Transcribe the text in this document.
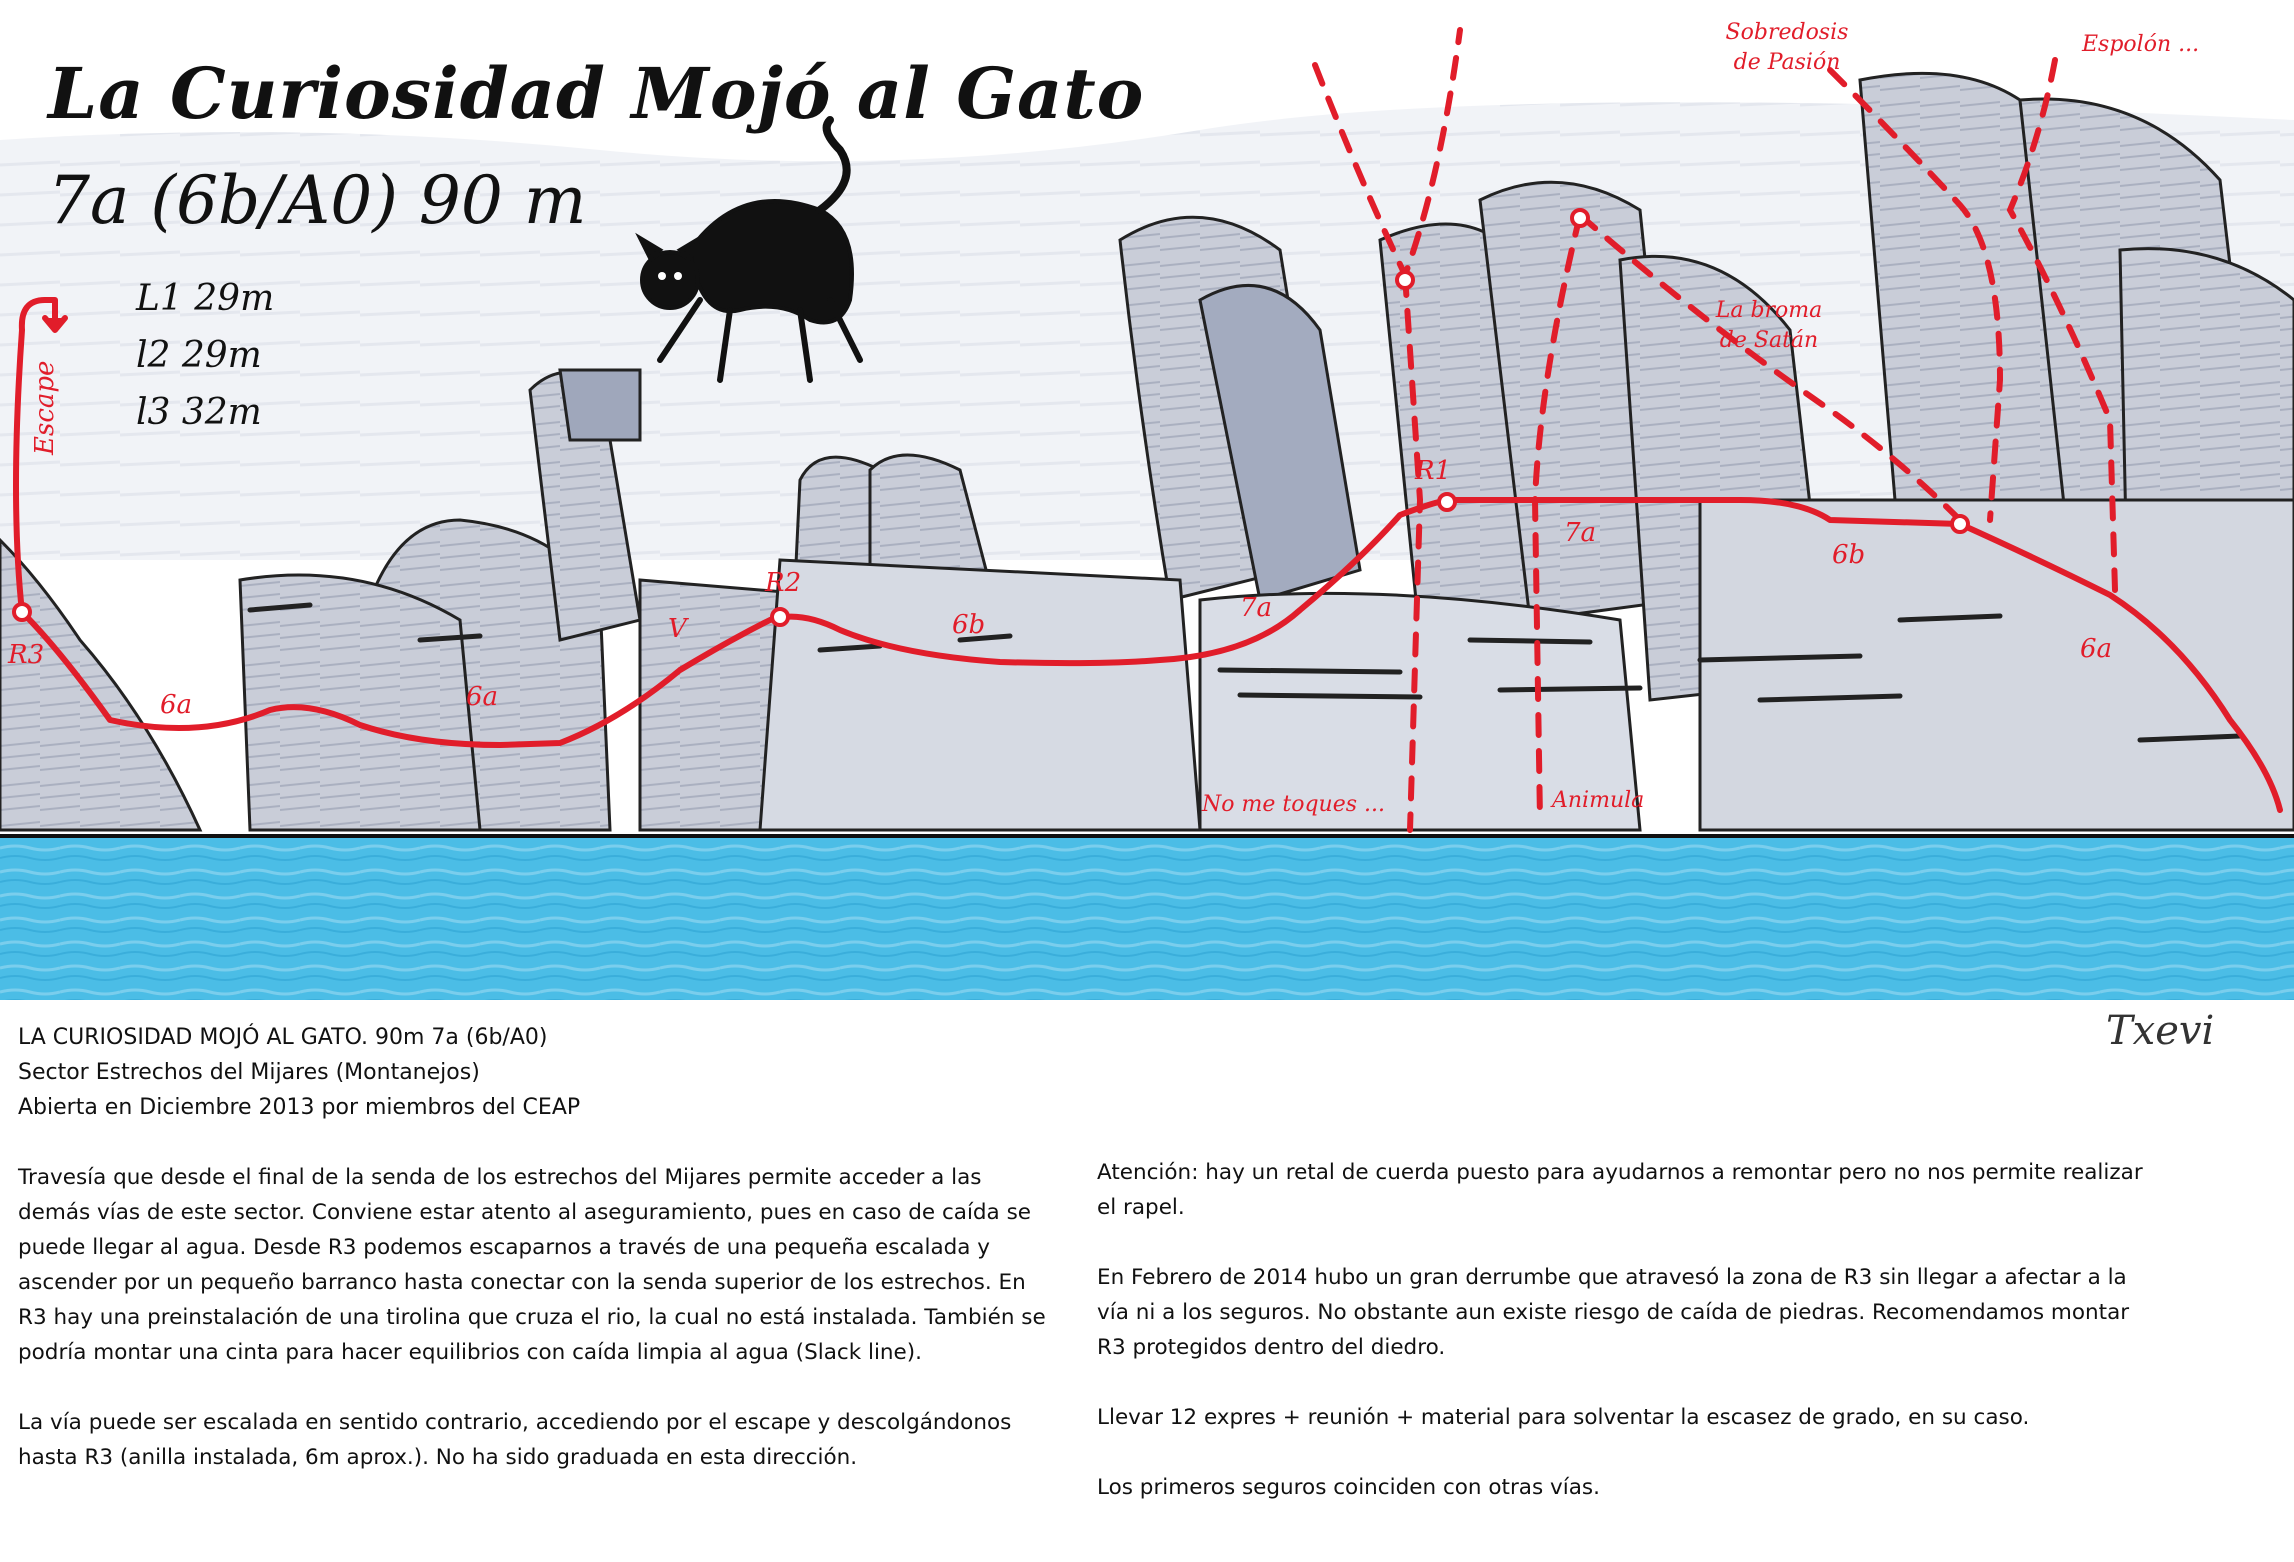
La Curiosidad Mojó al Gato
7a (6b/A0) 90 m
L1 29m
l2 29m
l3 32m
Escape
R3
R2
R1
6a	6a
V	6b
7a
7a
6b
6a
Sobredosis de Pasión
Espolón ...
La broma de Satán
No me toques ...	Animula
Txevi
LA CURIOSIDAD MOJÓ AL GATO. 90m 7a (6b/A0)
Sector Estrechos del Mijares (Montanejos)
Abierta en Diciembre 2013 por miembros del CEAP

Travesía que desde el final de la senda de los estrechos del Mijares permite acceder a las demás vías de este sector. Conviene estar atento al aseguramiento, pues en caso de caída se puede llegar al agua. Desde R3 podemos escaparnos a través de una pequeña escalada y ascender por un pequeño barranco hasta conectar con la senda superior de los estrechos. En R3 hay una preinstalación de una tirolina que cruza el rio, la cual no está instalada. También se podría montar una cinta para hacer equilibrios con caída limpia al agua (Slack line).

La vía puede ser escalada en sentido contrario, accediendo por el escape y descolgándonos hasta R3 (anilla instalada, 6m aprox.). No ha sido graduada en esta dirección.

Atención: hay un retal de cuerda puesto para ayudarnos a remontar pero no nos permite realizar el rapel.

En Febrero de 2014 hubo un gran derrumbe que atravesó la zona de R3 sin llegar a afectar a la vía ni a los seguros. No obstante aun existe riesgo de caída de piedras. Recomendamos montar R3 protegidos dentro del diedro.

Llevar 12 expres + reunión + material para solventar la escasez de grado, en su caso.

Los primeros seguros coinciden con otras vías.
